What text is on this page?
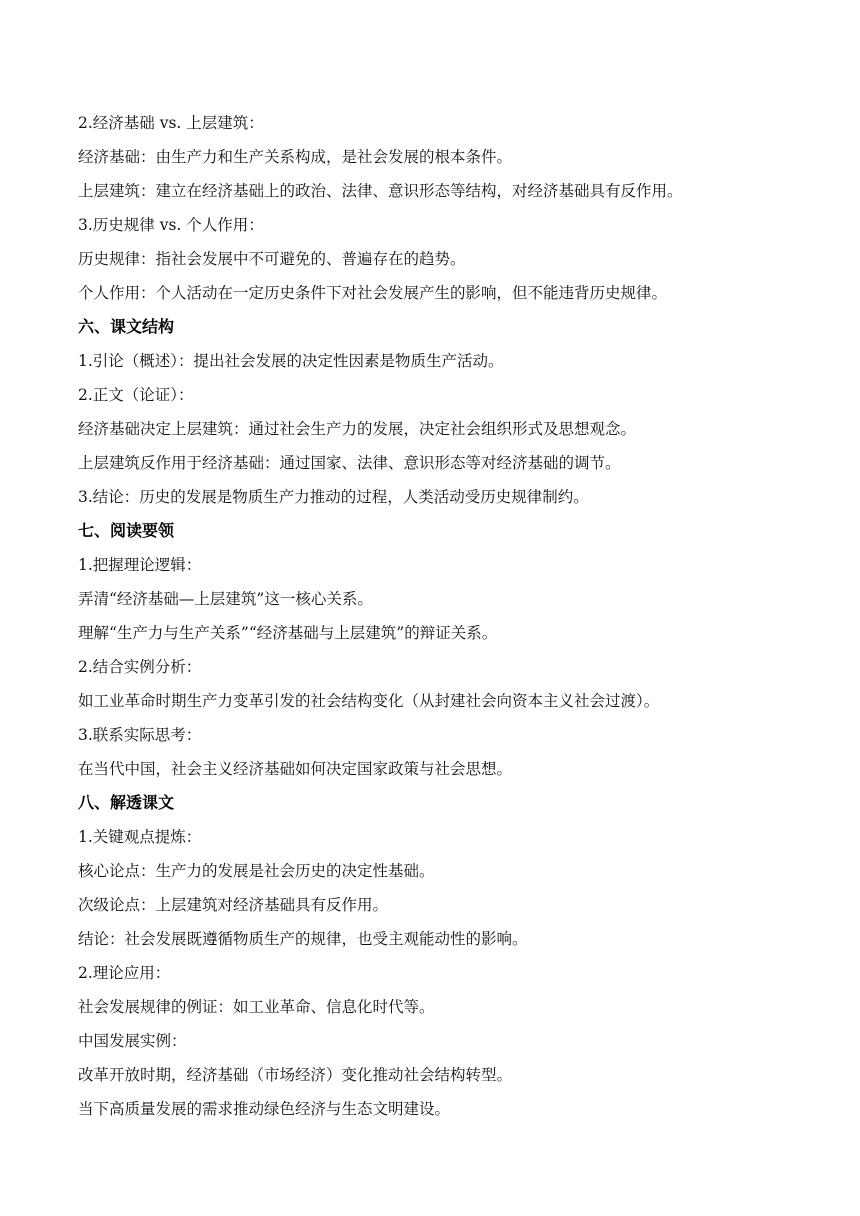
2.经济基础 vs. 上层建筑：
经济基础：由生产力和生产关系构成，是社会发展的根本条件。
上层建筑：建立在经济基础上的政治、法律、意识形态等结构，对经济基础具有反作用。
3.历史规律 vs. 个人作用：
历史规律：指社会发展中不可避免的、普遍存在的趋势。
个人作用：个人活动在一定历史条件下对社会发展产生的影响，但不能违背历史规律。
六、课文结构
1.引论（概述）：提出社会发展的决定性因素是物质生产活动。
2.正文（论证）：
经济基础决定上层建筑：通过社会生产力的发展，决定社会组织形式及思想观念。
上层建筑反作用于经济基础：通过国家、法律、意识形态等对经济基础的调节。
3.结论：历史的发展是物质生产力推动的过程，人类活动受历史规律制约。
七、阅读要领
1.把握理论逻辑：
弄清“经济基础—上层建筑”这一核心关系。
理解“生产力与生产关系”“经济基础与上层建筑”的辩证关系。
2.结合实例分析：
如工业革命时期生产力变革引发的社会结构变化（从封建社会向资本主义社会过渡）。
3.联系实际思考：
在当代中国，社会主义经济基础如何决定国家政策与社会思想。
八、解透课文
1.关键观点提炼：
核心论点：生产力的发展是社会历史的决定性基础。
次级论点：上层建筑对经济基础具有反作用。
结论：社会发展既遵循物质生产的规律，也受主观能动性的影响。
2.理论应用：
社会发展规律的例证：如工业革命、信息化时代等。
中国发展实例：
改革开放时期，经济基础（市场经济）变化推动社会结构转型。
当下高质量发展的需求推动绿色经济与生态文明建设。
